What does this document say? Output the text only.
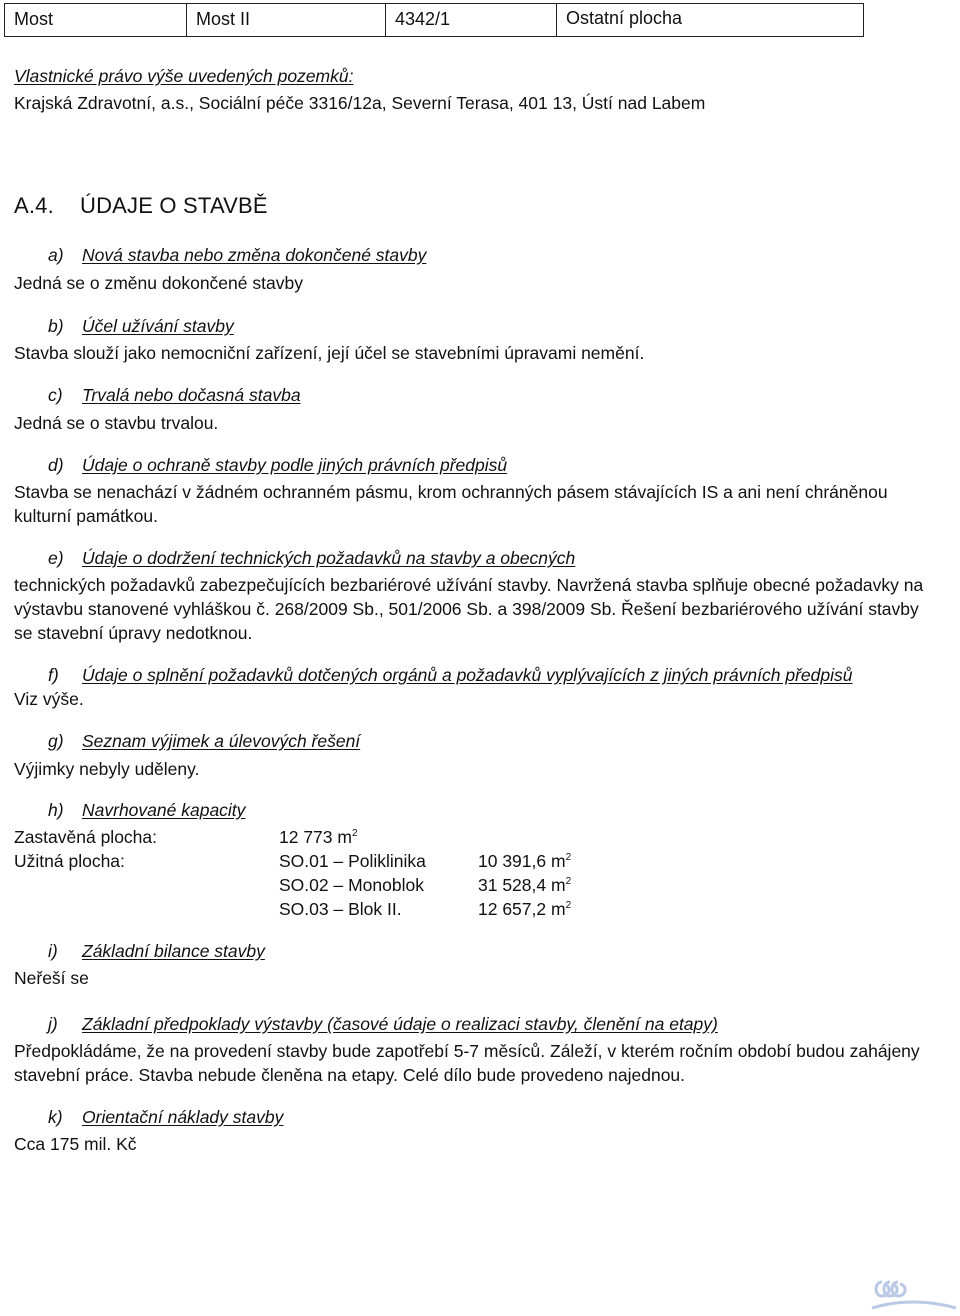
Most	Most II	4342/1	Ostatní plocha
Vlastnické právo výše uvedených pozemků:
Krajská Zdravotní, a.s., Sociální péče 3316/12a, Severní Terasa, 401 13, Ústí nad Labem
A.4. ÚDAJE O STAVBĚ
a) Nová stavba nebo změna dokončené stavby
Jedná se o změnu dokončené stavby
b) Účel užívání stavby
Stavba slouží jako nemocniční zařízení, její účel se stavebními úpravami nemění.
c) Trvalá nebo dočasná stavba
Jedná se o stavbu trvalou.
d) Údaje o ochraně stavby podle jiných právních předpisů
Stavba se nenachází v žádném ochranném pásmu, krom ochranných pásem stávajících IS a ani není chráněnou
kulturní památkou.
e) Údaje o dodržení technických požadavků na stavby a obecných
technických požadavků zabezpečujících bezbariérové užívání stavby. Navržená stavba splňuje obecné požadavky na
výstavbu stanovené vyhláškou č. 268/2009 Sb., 501/2006 Sb. a 398/2009 Sb. Řešení bezbariérového užívání stavby
se stavební úpravy nedotknou.
f) Údaje o splnění požadavků dotčených orgánů a požadavků vyplývajících z jiných právních předpisů
Viz výše.
g) Seznam výjimek a úlevových řešení
Výjimky nebyly uděleny.
h) Navrhované kapacity
Zastavěná plocha:	12 773 $m^2$
Užitná plocha:	SO.01 – Poliklinika	10 391,6 $m^2$
SO.02 – Monoblok	31 528,4 $m^2$
SO.03 – Blok II.	12 657,2 $m^2$
i) Základní bilance stavby
Neřeší se
j) Základní předpoklady výstavby (časové údaje o realizaci stavby, členění na etapy)
Předpokládáme, že na provedení stavby bude zapotřebí 5-7 měsíců. Záleží, v kterém ročním období budou zahájeny
stavební práce. Stavba nebude členěna na etapy. Celé dílo bude provedeno najednou.
k) Orientační náklady stavby
Cca 175 mil. Kč
